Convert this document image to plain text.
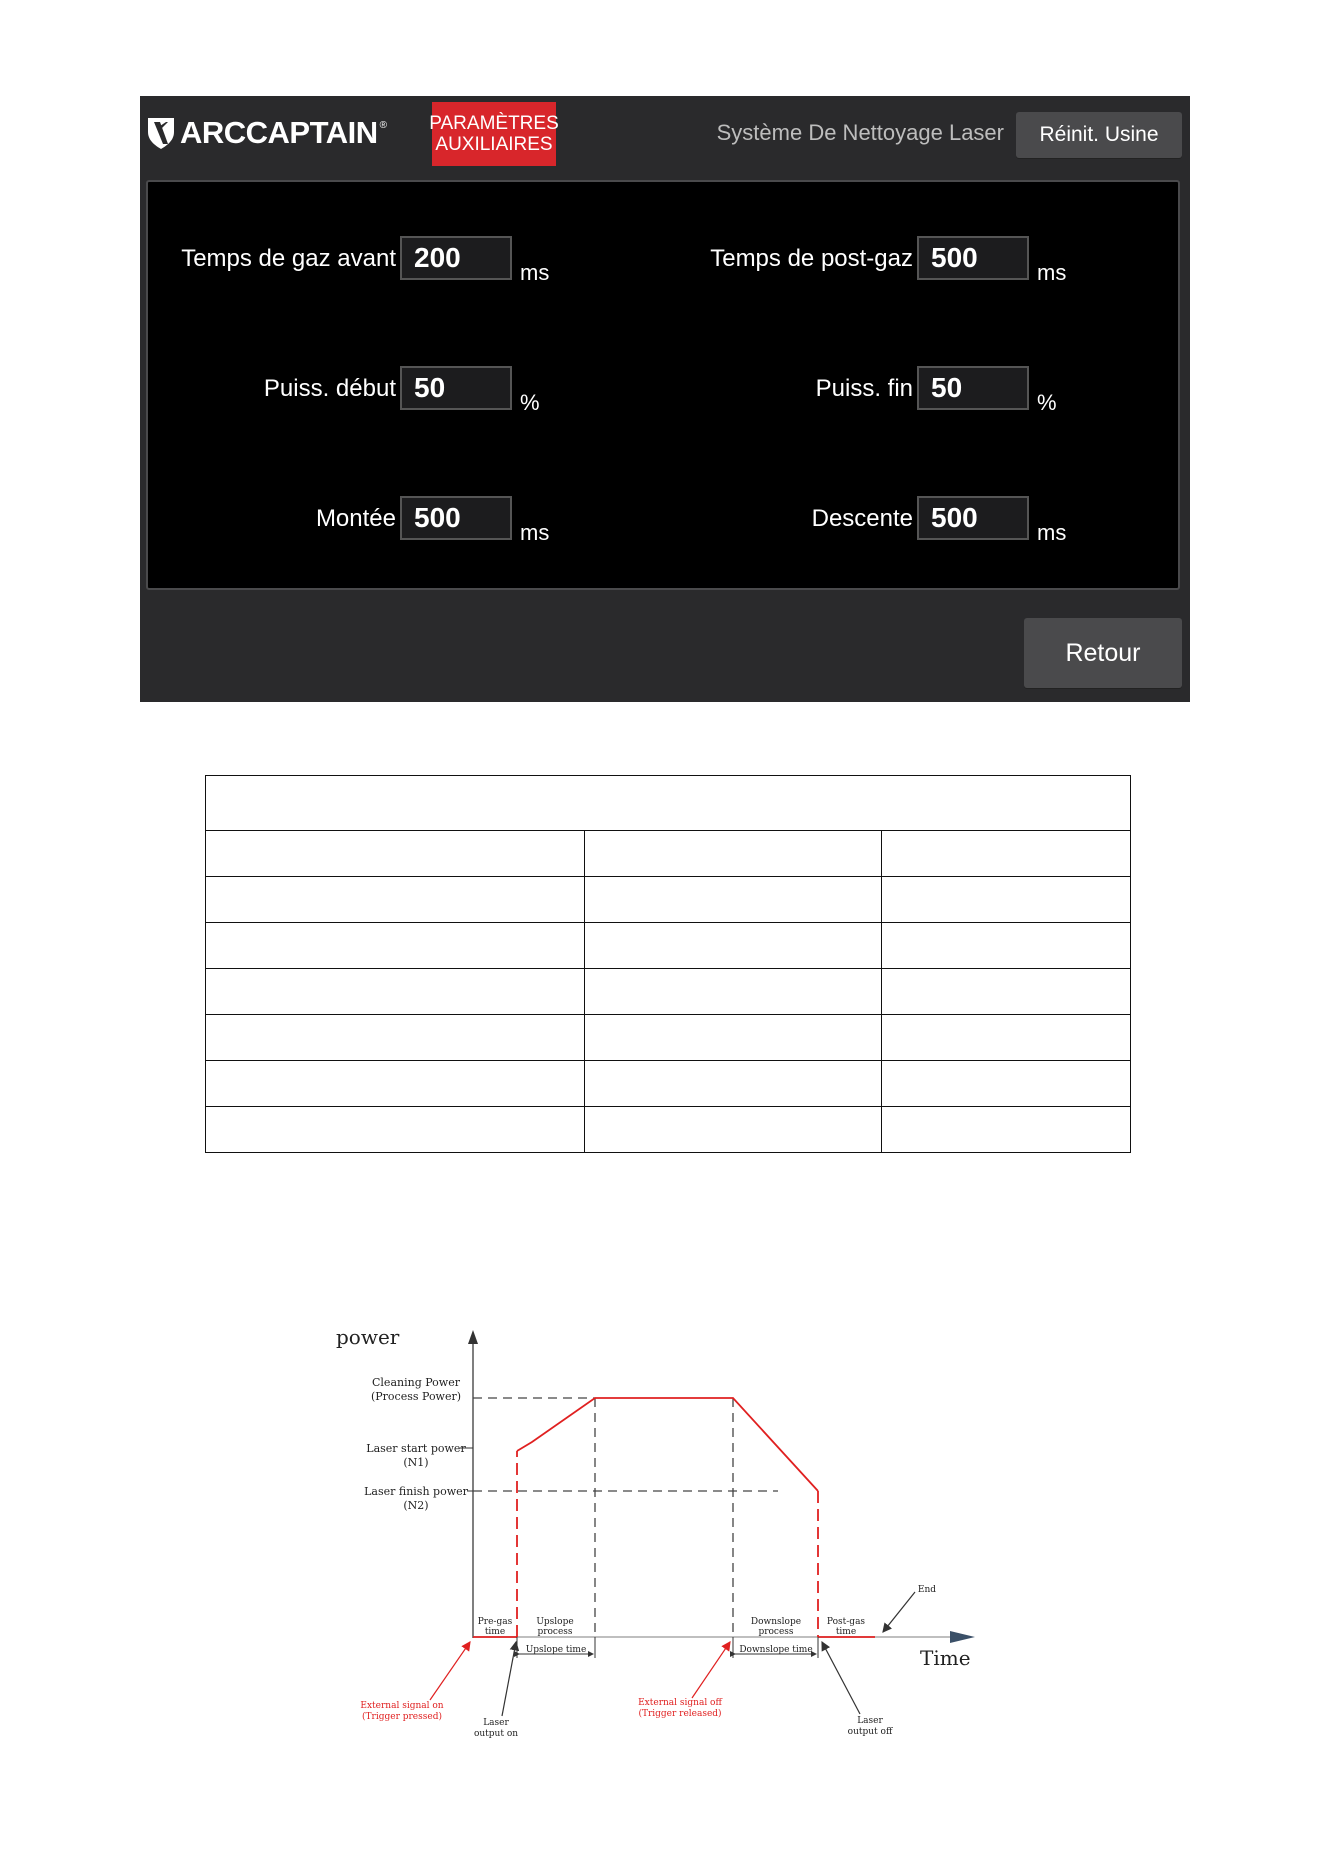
ARCCAPTAIN ® PARAMÈTRES
AUXILIAIRES	Système De Nettoyage Laser	Réinit. Usine
Temps de gaz avant 200	ms
Puiss. début 50	%
Montée 500	ms
Temps de post-gaz 500	ms
Puiss. fin 50	%
Descente 500	ms
Retour

Cleaning Power
(Process Power)
Laser start power
(N1)
Laser finish power
(N2)
power
Time
Pre-gas
time
Upslope
process
Downslope
process
Post-gas
time
Upslope time	Downslope time
External signal on
(Trigger pressed)
Laser
output on
External signal off
(Trigger released)
Laser
output off
End
